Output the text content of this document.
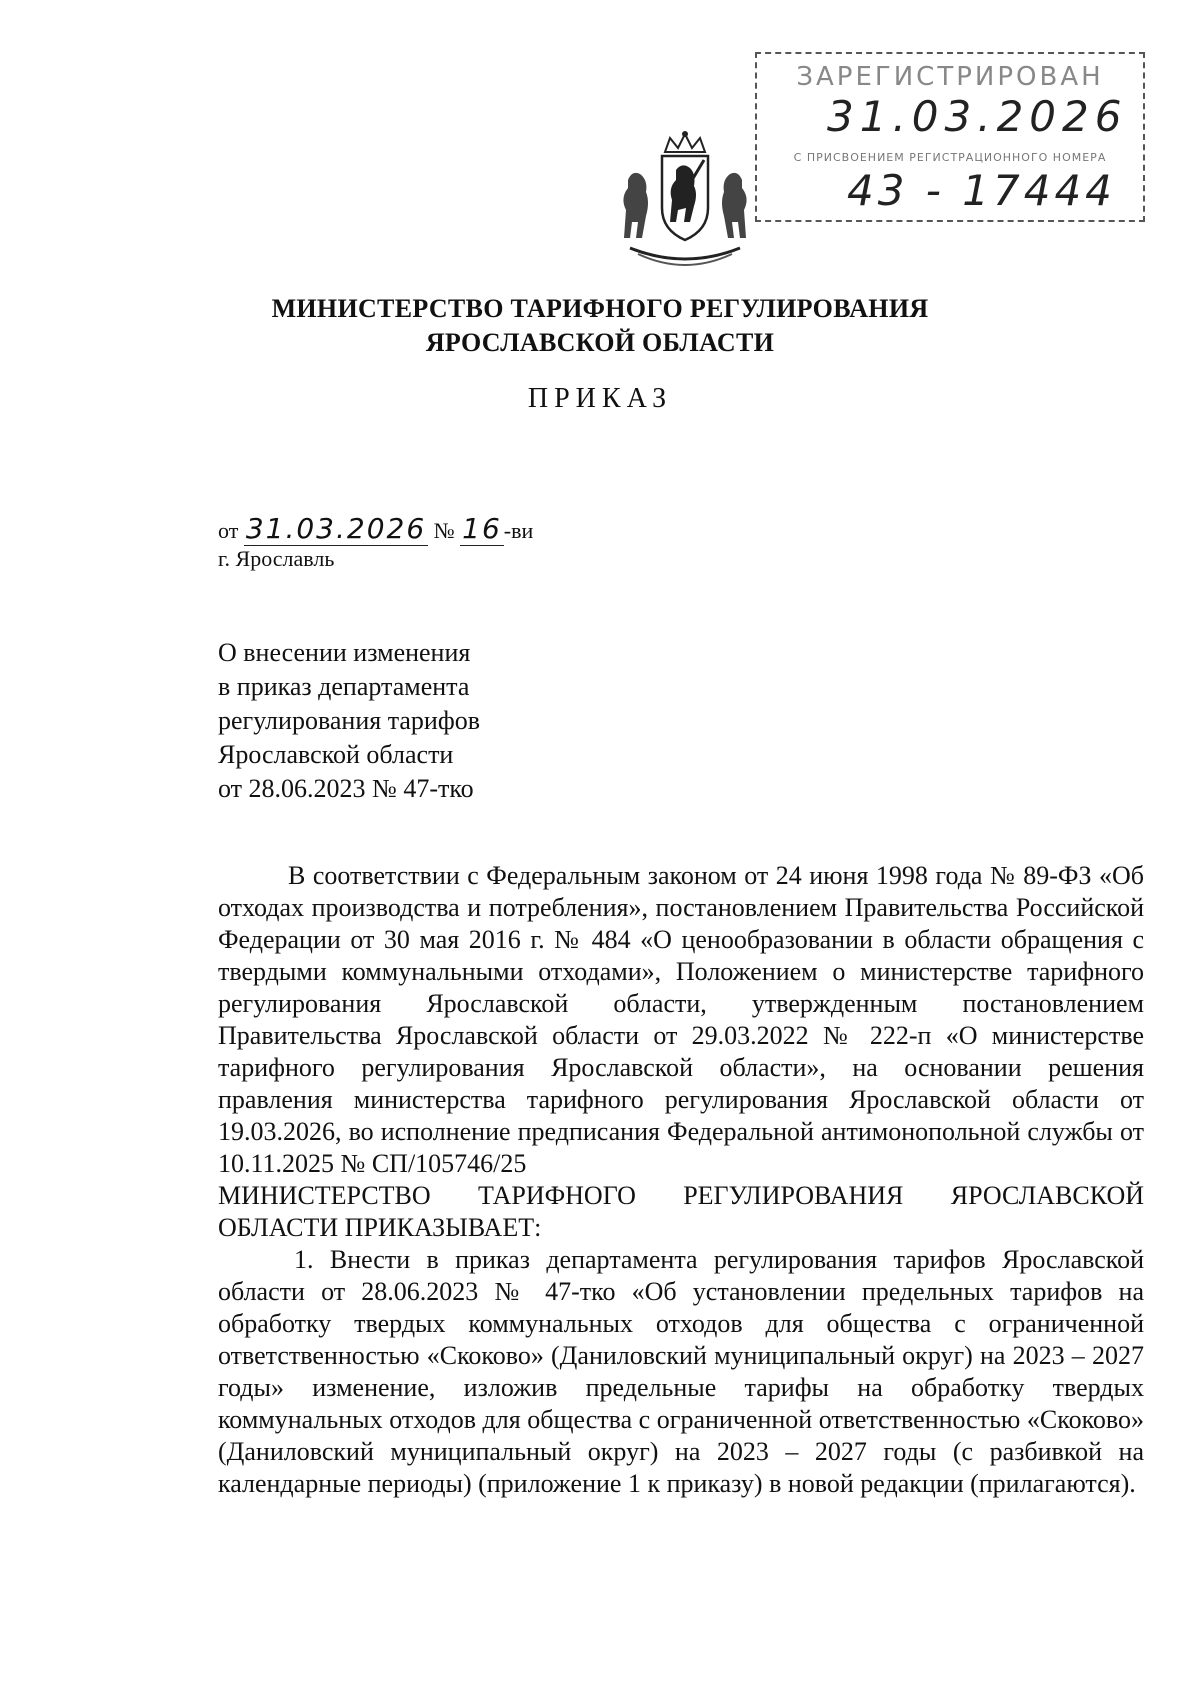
ЗАРЕГИСТРИРОВАН
31.03.2026
С ПРИСВОЕНИЕМ РЕГИСТРАЦИОННОГО НОМЕРА
43 - 17444
МИНИСТЕРСТВО ТАРИФНОГО РЕГУЛИРОВАНИЯ
ЯРОСЛАВСКОЙ ОБЛАСТИ
ПРИКАЗ
от 31.03.2026 № 16-ви
г. Ярославль
О внесении изменения
в приказ департамента
регулирования тарифов
Ярославской области
от 28.06.2023 № 47-тко

В соответствии с Федеральным законом от 24 июня 1998 года № 89-ФЗ «Об отходах производства и потребления», постановлением Правительства Российской Федерации от 30 мая 2016 г. № 484 «О ценообразовании в области обращения с твердыми коммунальными отходами», Положением о министерстве тарифного регулирования Ярославской области, утвержденным постановлением Правительства Ярославской области от 29.03.2022 № 222-п «О министерстве тарифного регулирования Ярославской области», на основании решения правления министерства тарифного регулирования Ярославской области от 19.03.2026, во исполнение предписания Федеральной антимонопольной службы от 10.11.2025 № СП/105746/25

МИНИСТЕРСТВО ТАРИФНОГО РЕГУЛИРОВАНИЯ ЯРОСЛАВСКОЙ ОБЛАСТИ ПРИКАЗЫВАЕТ:

1. Внести в приказ департамента регулирования тарифов Ярославской области от 28.06.2023 № 47-тко «Об установлении предельных тарифов на обработку твердых коммунальных отходов для общества с ограниченной ответственностью «Скоково» (Даниловский муниципальный округ) на 2023 – 2027 годы» изменение, изложив предельные тарифы на обработку твердых коммунальных отходов для общества с ограниченной ответственностью «Скоково» (Даниловский муниципальный округ) на 2023 – 2027 годы (с разбивкой на календарные периоды) (приложение 1 к приказу) в новой редакции (прилагаются).
